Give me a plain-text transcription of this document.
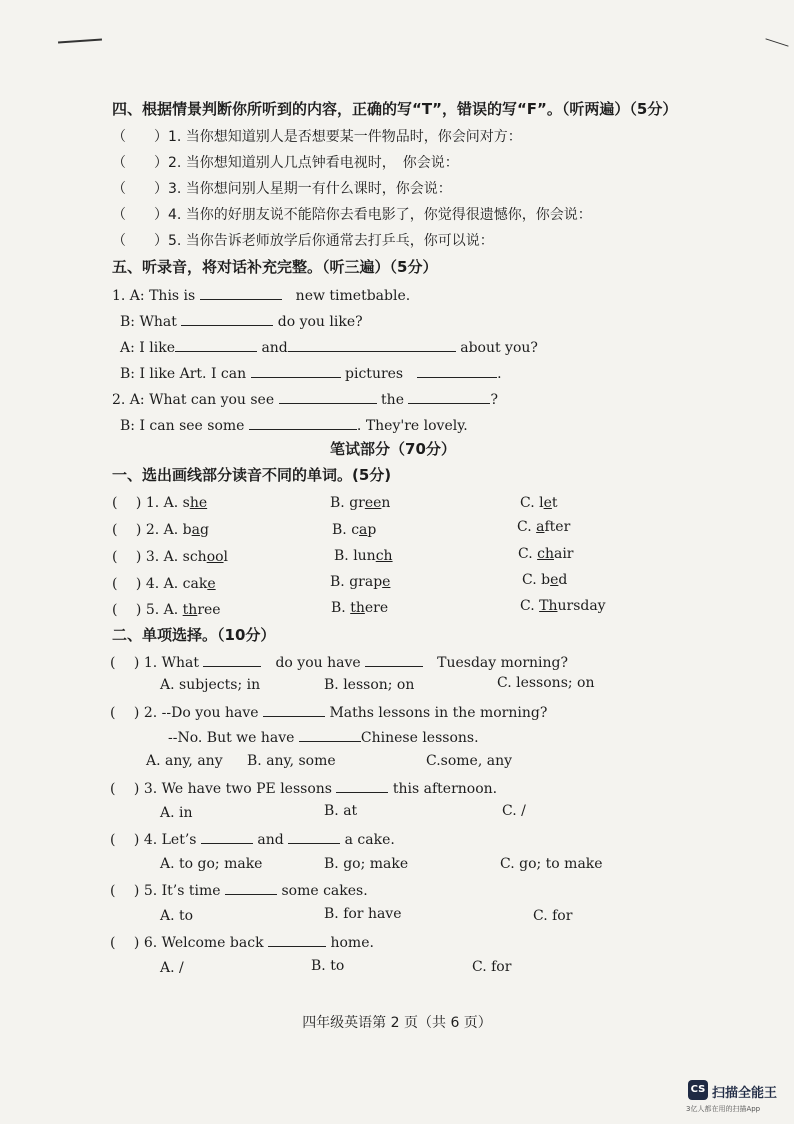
四、根据情景判断你所听到的内容，正确的写“T”，错误的写“F”。（听两遍）（5分）
（　　）1. 当你想知道别人是否想要某一件物品时，你会问对方：
（　　）2. 当你想知道别人几点钟看电视时，　你会说：
（　　）3. 当你想问别人星期一有什么课时，你会说：
（　　）4. 当你的好朋友说不能陪你去看电影了，你觉得很遗憾你，你会说：
（　　）5. 当你告诉老师放学后你通常去打乒乓，你可以说：
五、听录音，将对话补充完整。（听三遍）（5分）
1. A: This is 　	new timetbable.
B: What	do you like?
A: I like	and	about you?
B: I like Art. I can	pictures　	.
2. A: What can you see	the	?
B: I can see some	. They're lovely.
笔试部分（70分）
一、选出画线部分读音不同的单词。(5分)
(　 ) 1. A. she	B. green	C. let
(　 ) 2. A. bag	B. cap	C. after
(　 ) 3. A. school	B. lunch	C. chair
(　 ) 4. A. cake	B. grape	C. bed
(　 ) 5. A. three	B. there	C. Thursday
二、单项选择。（10分）
(　 ) 1. What 　	do you have 　	Tuesday morning?
A. subjects; in	B. lesson; on	C. lessons; on
(　 ) 2. --Do you have	Maths lessons in the morning?
--No. But we have	Chinese lessons.
A. any, any B. any, some	C.some, any
(　 ) 3. We have two PE lessons	this afternoon.
A. in	B. at	C. /
(　 ) 4. Let’s	and	a cake.
A. to go; make	B. go; make	C. go; to make
(　 ) 5. It’s time	some cakes.
A. to	B. for have	C. for
(　 ) 6. Welcome back	home.
A. /	B. to	C. for
四年级英语第 2 页（共 6 页）
CS 扫描全能王
3亿人都在用的扫描App
